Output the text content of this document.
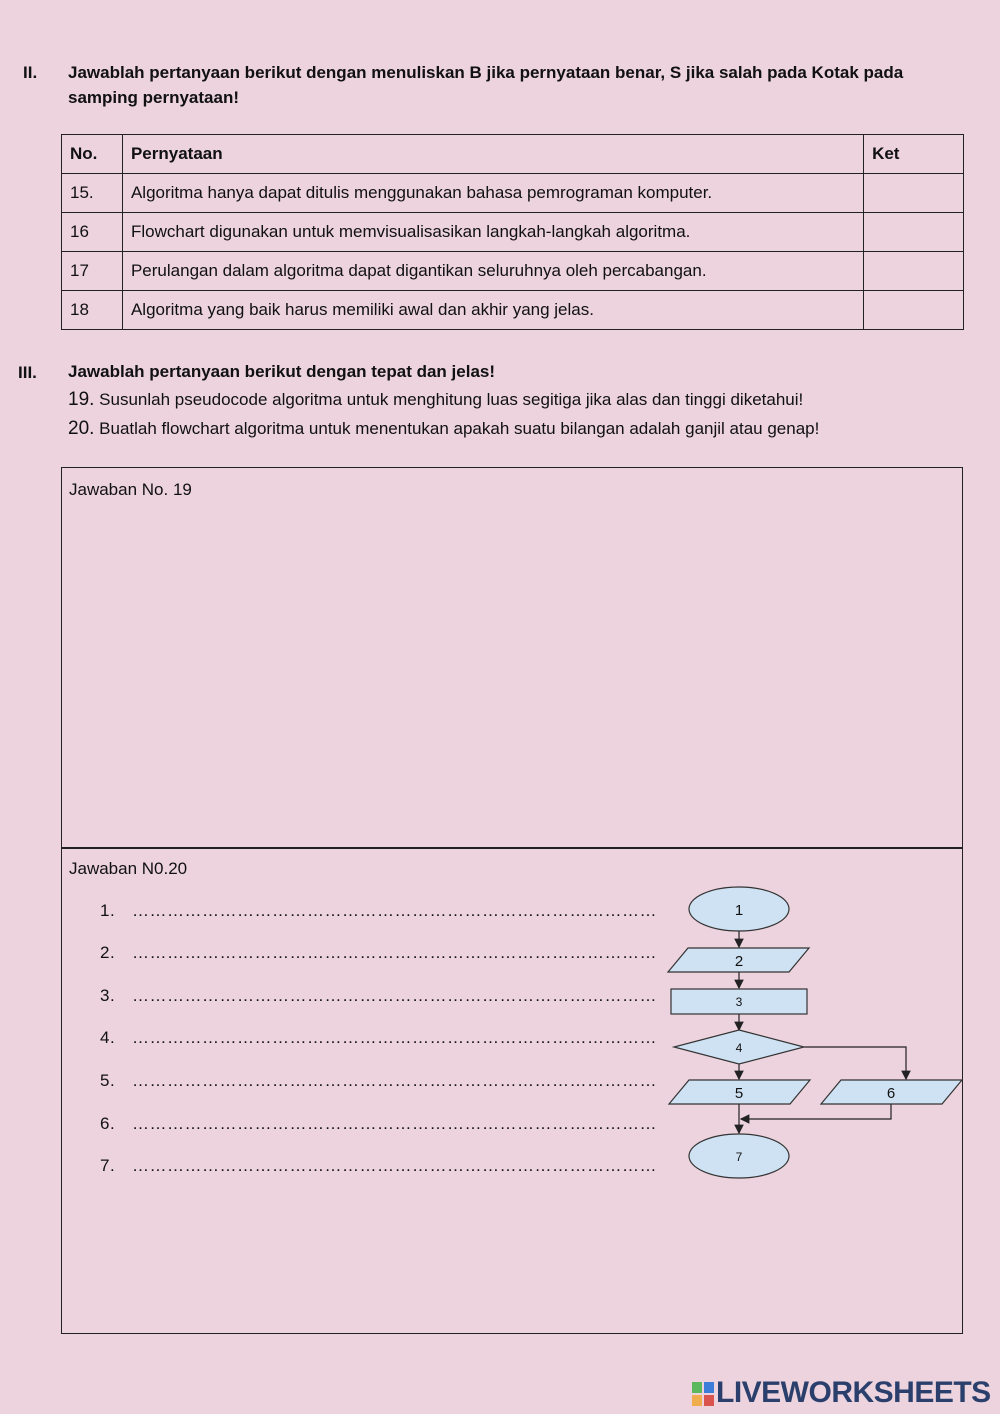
II. Jawablah pertanyaan berikut dengan menuliskan B jika pernyataan benar, S jika salah pada Kotak pada samping pernyataan!
No.	Pernyataan	Ket
15.	Algoritma hanya dapat ditulis menggunakan bahasa pemrograman komputer.	
16	Flowchart digunakan untuk memvisualisasikan langkah-langkah algoritma.	
17	Perulangan dalam algoritma dapat digantikan seluruhnya oleh percabangan.	
18	Algoritma yang baik harus memiliki awal dan akhir yang jelas.	
III. Jawablah pertanyaan berikut dengan tepat dan jelas!
19. Susunlah pseudocode algoritma untuk menghitung luas segitiga jika alas dan tinggi diketahui!
20. Buatlah flowchart algoritma untuk menentukan apakah suatu bilangan adalah ganjil atau genap!
Jawaban No. 19
Jawaban N0.20
1. ………………………………………………………………………………
2. ………………………………………………………………………………
3. ………………………………………………………………………………
4. ………………………………………………………………………………
5. ………………………………………………………………………………
6. ………………………………………………………………………………
7. ………………………………………………………………………………
1
2
3
4
5	6
7
LIVEWORKSHEETS
